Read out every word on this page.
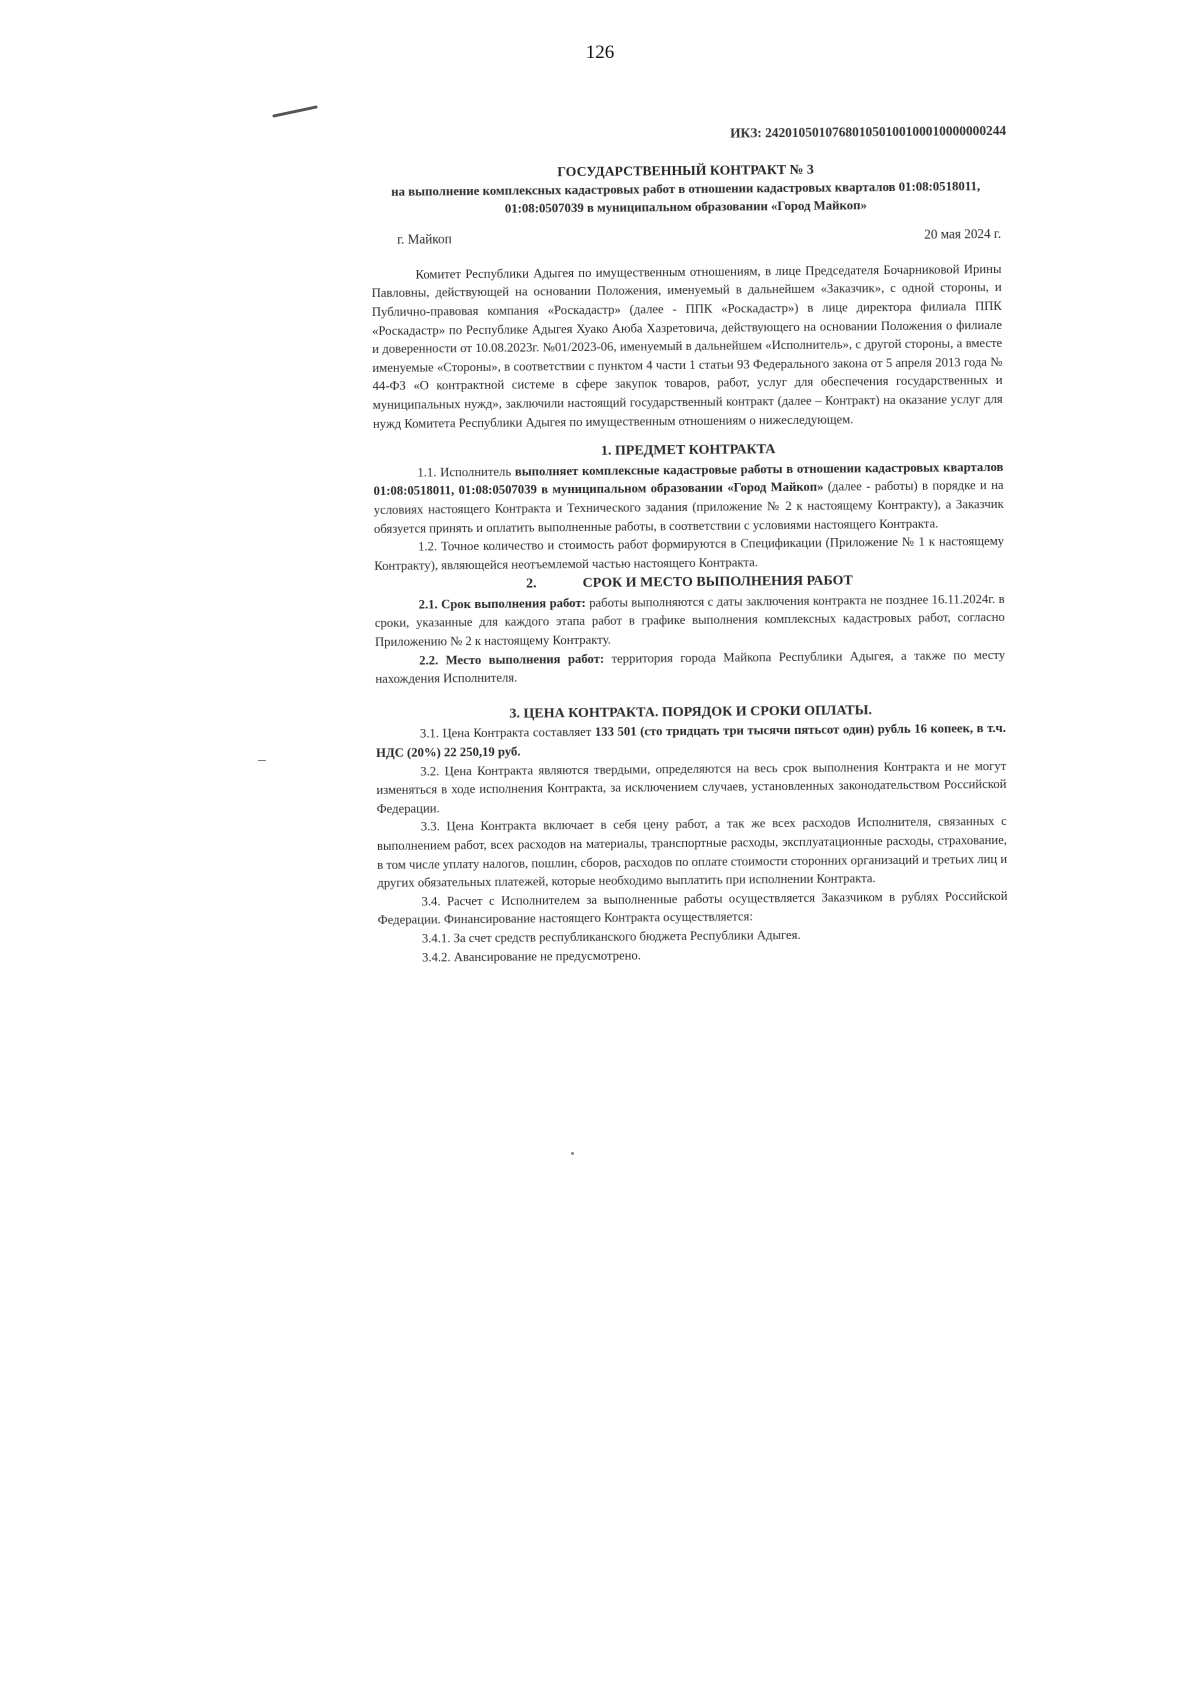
126
ИКЗ: 242010501076801050100100010000000244
ГОСУДАРСТВЕННЫЙ КОНТРАКТ № 3
на выполнение комплексных кадастровых работ в отношении кадастровых кварталов 01:08:0518011, 01:08:0507039 в муниципальном образовании «Город Майкоп»
г. Майкоп	20 мая 2024 г.

Комитет Республики Адыгея по имущественным отношениям, в лице Председателя Бочарниковой Ирины Павловны, действующей на основании Положения, именуемый в дальнейшем «Заказчик», с одной стороны, и Публично-правовая компания «Роскадастр» (далее - ППК «Роскадастр») в лице директора филиала ППК «Роскадастр» по Республике Адыгея Хуако Аюба Хазретовича, действующего на основании Положения о филиале и доверенности от 10.08.2023г. №01/2023-06, именуемый в дальнейшем «Исполнитель», с другой стороны, а вместе именуемые «Стороны», в соответствии с пунктом 4 части 1 статьи 93 Федерального закона от 5 апреля 2013 года № 44-ФЗ «О контрактной системе в сфере закупок товаров, работ, услуг для обеспечения государственных и муниципальных нужд», заключили настоящий государственный контракт (далее – Контракт) на оказание услуг для нужд Комитета Республики Адыгея по имущественным отношениям о нижеследующем.

1. ПРЕДМЕТ КОНТРАКТА

1.1. Исполнитель выполняет комплексные кадастровые работы в отношении кадастровых кварталов 01:08:0518011, 01:08:0507039 в муниципальном образовании «Город Майкоп» (далее - работы) в порядке и на условиях настоящего Контракта и Технического задания (приложение № 2 к настоящему Контракту), а Заказчик обязуется принять и оплатить выполненные работы, в соответствии с условиями настоящего Контракта.

1.2. Точное количество и стоимость работ формируются в Спецификации (Приложение № 1 к настоящему Контракту), являющейся неотъемлемой частью настоящего Контракта.

2.	СРОК И МЕСТО ВЫПОЛНЕНИЯ РАБОТ

2.1. Срок выполнения работ: работы выполняются с даты заключения контракта не позднее 16.11.2024г. в сроки, указанные для каждого этапа работ в графике выполнения комплексных кадастровых работ, согласно Приложению № 2 к настоящему Контракту.

2.2. Место выполнения работ: территория города Майкопа Республики Адыгея, а также по месту нахождения Исполнителя.

3. ЦЕНА КОНТРАКТА. ПОРЯДОК И СРОКИ ОПЛАТЫ.

3.1. Цена Контракта составляет 133 501 (сто тридцать три тысячи пятьсот один) рубль 16 копеек, в т.ч. НДС (20%) 22 250,19 руб.

3.2. Цена Контракта являются твердыми, определяются на весь срок выполнения Контракта и не могут изменяться в ходе исполнения Контракта, за исключением случаев, установленных законодательством Российской Федерации.

3.3. Цена Контракта включает в себя цену работ, а так же всех расходов Исполнителя, связанных с выполнением работ, всех расходов на материалы, транспортные расходы, эксплуатационные расходы, страхование, в том числе уплату налогов, пошлин, сборов, расходов по оплате стоимости сторонних организаций и третьих лиц и других обязательных платежей, которые необходимо выплатить при исполнении Контракта.

3.4. Расчет с Исполнителем за выполненные работы осуществляется Заказчиком в рублях Российской Федерации. Финансирование настоящего Контракта осуществляется:

3.4.1. За счет средств республиканского бюджета Республики Адыгея.

3.4.2. Авансирование не предусмотрено.
